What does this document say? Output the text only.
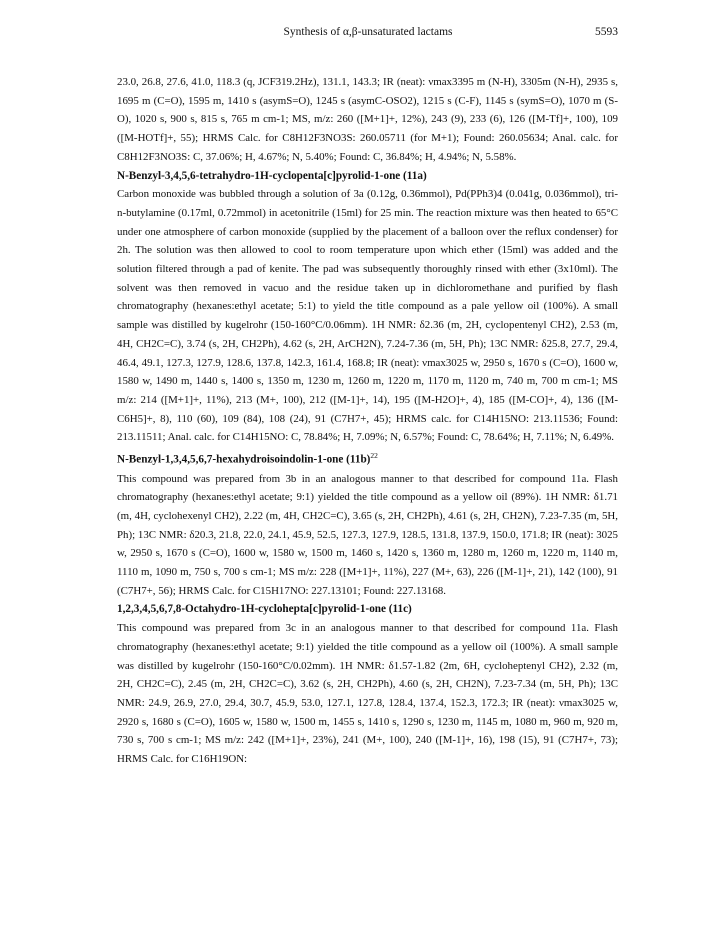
Synthesis of α,β-unsaturated lactams	5593

23.0, 26.8, 27.6, 41.0, 118.3 (q, JCF319.2Hz), 131.1, 143.3; IR (neat): νmax3395 m (N-H), 3305m (N-H), 2935 s, 1695 m (C=O), 1595 m, 1410 s (asymS=O), 1245 s (asymC-OSO2), 1215 s (C-F), 1145 s (symS=O), 1070 m (S-O), 1020 s, 900 s, 815 s, 765 m cm-1; MS, m/z: 260 ([M+1]+, 12%), 243 (9), 233 (6), 126 ([M-Tf]+, 100), 109 ([M-HOTf]+, 55); HRMS Calc. for C8H12F3NO3S: 260.05711 (for M+1); Found: 260.05634; Anal. calc. for C8H12F3NO3S: C, 37.06%; H, 4.67%; N, 5.40%; Found: C, 36.84%; H, 4.94%; N, 5.58%.

N-Benzyl-3,4,5,6-tetrahydro-1H-cyclopenta[c]pyrolid-1-one (11a)

Carbon monoxide was bubbled through a solution of 3a (0.12g, 0.36mmol), Pd(PPh3)4 (0.041g, 0.036mmol), tri-n-butylamine (0.17ml, 0.72mmol) in acetonitrile (15ml) for 25 min. The reaction mixture was then heated to 65°C under one atmosphere of carbon monoxide (supplied by the placement of a balloon over the reflux condenser) for 2h. The solution was then allowed to cool to room temperature upon which ether (15ml) was added and the solution filtered through a pad of kenite. The pad was subsequently thoroughly rinsed with ether (3x10ml). The solvent was then removed in vacuo and the residue taken up in dichloromethane and purified by flash chromatography (hexanes:ethyl acetate; 5:1) to yield the title compound as a pale yellow oil (100%). A small sample was distilled by kugelrohr (150-160°C/0.06mm). 1H NMR: δ2.36 (m, 2H, cyclopentenyl CH2), 2.53 (m, 4H, CH2C=C), 3.74 (s, 2H, CH2Ph), 4.62 (s, 2H, ArCH2N), 7.24-7.36 (m, 5H, Ph); 13C NMR: δ25.8, 27.7, 29.4, 46.4, 49.1, 127.3, 127.9, 128.6, 137.8, 142.3, 161.4, 168.8; IR (neat): νmax3025 w, 2950 s, 1670 s (C=O), 1600 w, 1580 w, 1490 m, 1440 s, 1400 s, 1350 m, 1230 m, 1260 m, 1220 m, 1170 m, 1120 m, 740 m, 700 m cm-1; MS m/z: 214 ([M+1]+, 11%), 213 (M+, 100), 212 ([M-1]+, 14), 195 ([M-H2O]+, 4), 185 ([M-CO]+, 4), 136 ([M-C6H5]+, 8), 110 (60), 109 (84), 108 (24), 91 (C7H7+, 45); HRMS calc. for C14H15NO: 213.11536; Found: 213.11511; Anal. calc. for C14H15NO: C, 78.84%; H, 7.09%; N, 6.57%; Found: C, 78.64%; H, 7.11%; N, 6.49%.

N-Benzyl-1,3,4,5,6,7-hexahydroisoindolin-1-one $(11b)^{22}$

This compound was prepared from 3b in an analogous manner to that described for compound 11a. Flash chromatography (hexanes:ethyl acetate; 9:1) yielded the title compound as a yellow oil (89%). 1H NMR: δ1.71 (m, 4H, cyclohexenyl CH2), 2.22 (m, 4H, CH2C=C), 3.65 (s, 2H, CH2Ph), 4.61 (s, 2H, CH2N), 7.23-7.35 (m, 5H, Ph); 13C NMR: δ20.3, 21.8, 22.0, 24.1, 45.9, 52.5, 127.3, 127.9, 128.5, 131.8, 137.9, 150.0, 171.8; IR (neat): 3025 w, 2950 s, 1670 s (C=O), 1600 w, 1580 w, 1500 m, 1460 s, 1420 s, 1360 m, 1280 m, 1260 m, 1220 m, 1140 m, 1110 m, 1090 m, 750 s, 700 s cm-1; MS m/z: 228 ([M+1]+, 11%), 227 (M+, 63), 226 ([M-1]+, 21), 142 (100), 91 (C7H7+, 56); HRMS Calc. for C15H17NO: 227.13101; Found: 227.13168.

1,2,3,4,5,6,7,8-Octahydro-1H-cyclohepta[c]pyrolid-1-one (11c)

This compound was prepared from 3c in an analogous manner to that described for compound 11a. Flash chromatography (hexanes:ethyl acetate; 9:1) yielded the title compound as a yellow oil (100%). A small sample was distilled by kugelrohr (150-160°C/0.02mm). 1H NMR: δ1.57-1.82 (2m, 6H, cycloheptenyl CH2), 2.32 (m, 2H, CH2C=C), 2.45 (m, 2H, CH2C=C), 3.62 (s, 2H, CH2Ph), 4.60 (s, 2H, CH2N), 7.23-7.34 (m, 5H, Ph); 13C NMR: 24.9, 26.9, 27.0, 29.4, 30.7, 45.9, 53.0, 127.1, 127.8, 128.4, 137.4, 152.3, 172.3; IR (neat): νmax3025 w, 2920 s, 1680 s (C=O), 1605 w, 1580 w, 1500 m, 1455 s, 1410 s, 1290 s, 1230 m, 1145 m, 1080 m, 960 m, 920 m, 730 s, 700 s cm-1; MS m/z: 242 ([M+1]+, 23%), 241 (M+, 100), 240 ([M-1]+, 16), 198 (15), 91 (C7H7+, 73); HRMS Calc. for C16H19ON:
